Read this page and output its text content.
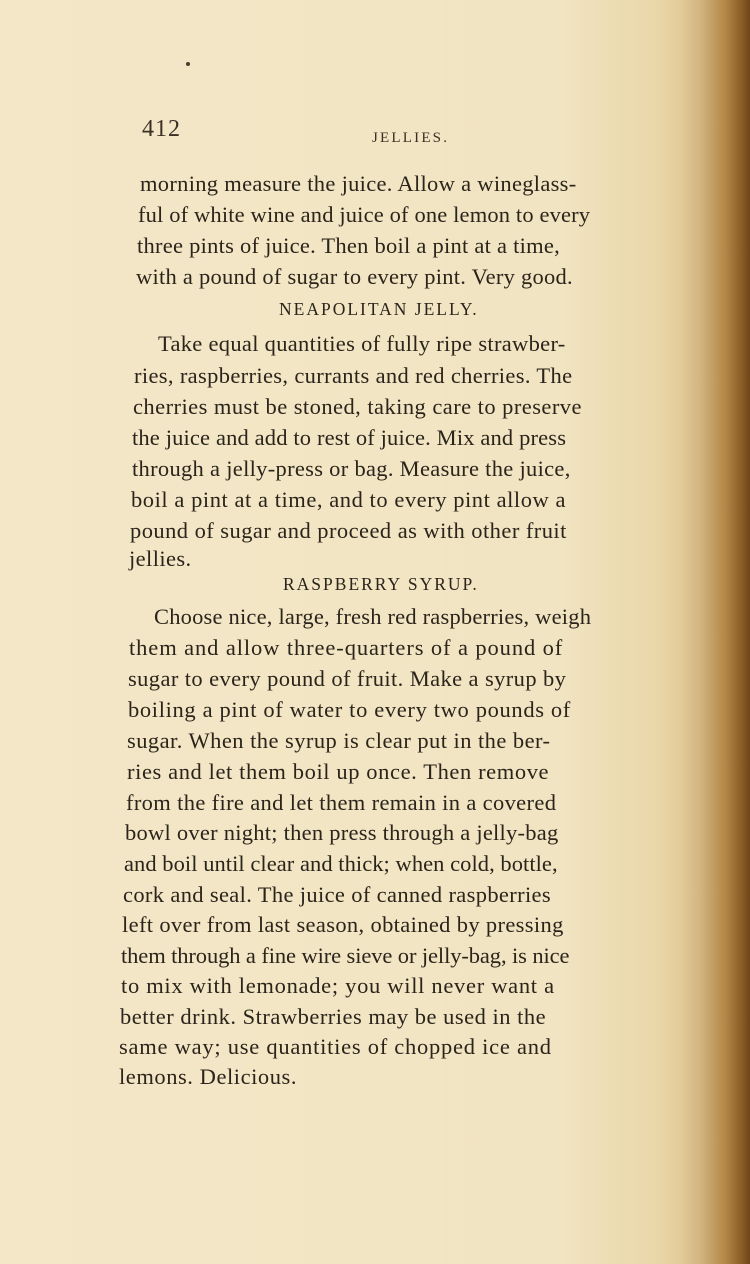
412	JELLIES.
morning measure the juice. Allow a wineglass-
ful of white wine and juice of one lemon to every
three pints of juice. Then boil a pint at a time,
with a pound of sugar to every pint. Very good.
NEAPOLITAN JELLY.
Take equal quantities of fully ripe strawber-
ries, raspberries, currants and red cherries. The
cherries must be stoned, taking care to preserve
the juice and add to rest of juice. Mix and press
through a jelly-press or bag. Measure the juice,
boil a pint at a time, and to every pint allow a
pound of sugar and proceed as with other fruit
jellies.
RASPBERRY SYRUP.
Choose nice, large, fresh red raspberries, weigh
them and allow three-quarters of a pound of
sugar to every pound of fruit. Make a syrup by
boiling a pint of water to every two pounds of
sugar. When the syrup is clear put in the ber-
ries and let them boil up once. Then remove
from the fire and let them remain in a covered
bowl over night; then press through a jelly-bag
and boil until clear and thick; when cold, bottle,
cork and seal. The juice of canned raspberries
left over from last season, obtained by pressing
them through a fine wire sieve or jelly-bag, is nice
to mix with lemonade; you will never want a
better drink. Strawberries may be used in the
same way; use quantities of chopped ice and
lemons. Delicious.
